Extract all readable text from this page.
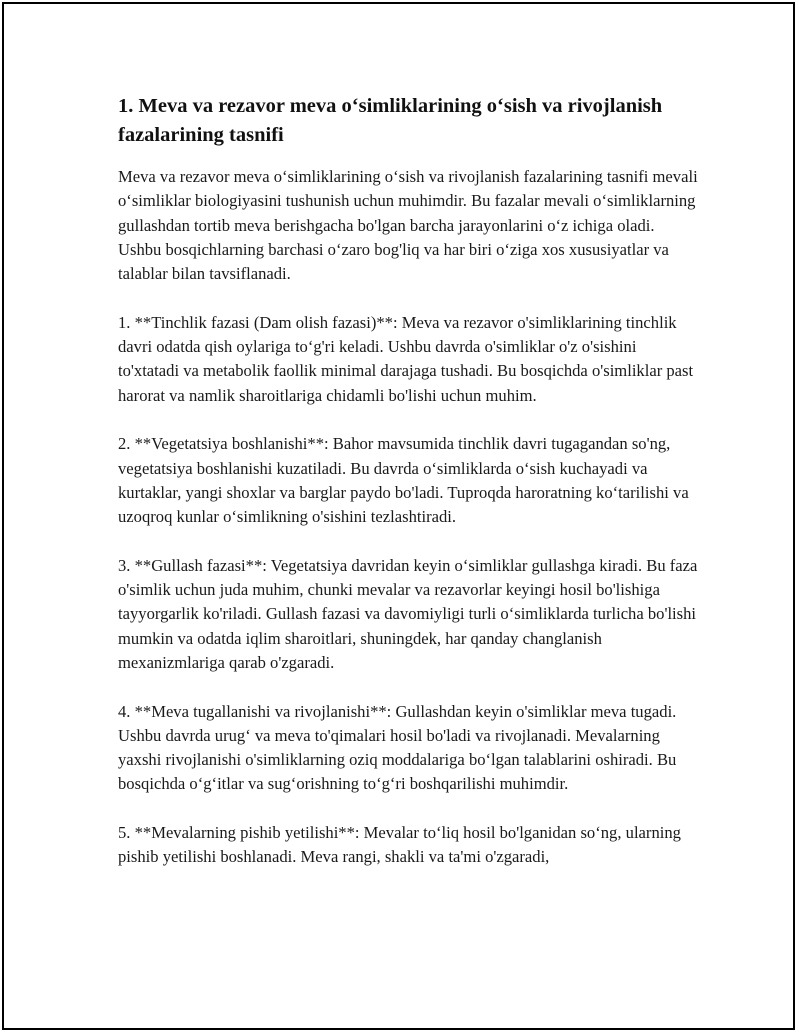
1. Meva va rezavor meva o‘simliklarining o‘sish va rivojlanish fazalarining tasnifi

Meva va rezavor meva o‘simliklarining o‘sish va rivojlanish fazalarining tasnifi mevali o‘simliklar biologiyasini tushunish uchun muhimdir. Bu fazalar mevali o‘simliklarning gullashdan tortib meva berishgacha bo'lgan barcha jarayonlarini o‘z ichiga oladi. Ushbu bosqichlarning barchasi o‘zaro bog'liq va har biri o‘ziga xos xususiyatlar va talablar bilan tavsiflanadi.

1. **Tinchlik fazasi (Dam olish fazasi)**: Meva va rezavor o'simliklarining tinchlik davri odatda qish oylariga to‘g'ri keladi. Ushbu davrda o'simliklar o'z o'sishini to'xtatadi va metabolik faollik minimal darajaga tushadi. Bu bosqichda o'simliklar past harorat va namlik sharoitlariga chidamli bo'lishi uchun muhim.

2. **Vegetatsiya boshlanishi**: Bahor mavsumida tinchlik davri tugagandan so'ng, vegetatsiya boshlanishi kuzatiladi. Bu davrda o‘simliklarda o‘sish kuchayadi va kurtaklar, yangi shoxlar va barglar paydo bo'ladi. Tuproqda haroratning ko‘tarilishi va uzoqroq kunlar o‘simlikning o'sishini tezlashtiradi.

3. **Gullash fazasi**: Vegetatsiya davridan keyin o‘simliklar gullashga kiradi. Bu faza o'simlik uchun juda muhim, chunki mevalar va rezavorlar keyingi hosil bo'lishiga tayyorgarlik ko'riladi. Gullash fazasi va davomiyligi turli o‘simliklarda turlicha bo'lishi mumkin va odatda iqlim sharoitlari, shuningdek, har qanday changlanish mexanizmlariga qarab o'zgaradi.

4. **Meva tugallanishi va rivojlanishi**: Gullashdan keyin o'simliklar meva tugadi. Ushbu davrda urug‘ va meva to'qimalari hosil bo'ladi va rivojlanadi. Mevalarning yaxshi rivojlanishi o'simliklarning oziq moddalariga bo‘lgan talablarini oshiradi. Bu bosqichda o‘g‘itlar va sug‘orishning to‘g‘ri boshqarilishi muhimdir.

5. **Mevalarning pishib yetilishi**: Mevalar to‘liq hosil bo'lganidan so‘ng, ularning pishib yetilishi boshlanadi. Meva rangi, shakli va ta'mi o'zgaradi,
